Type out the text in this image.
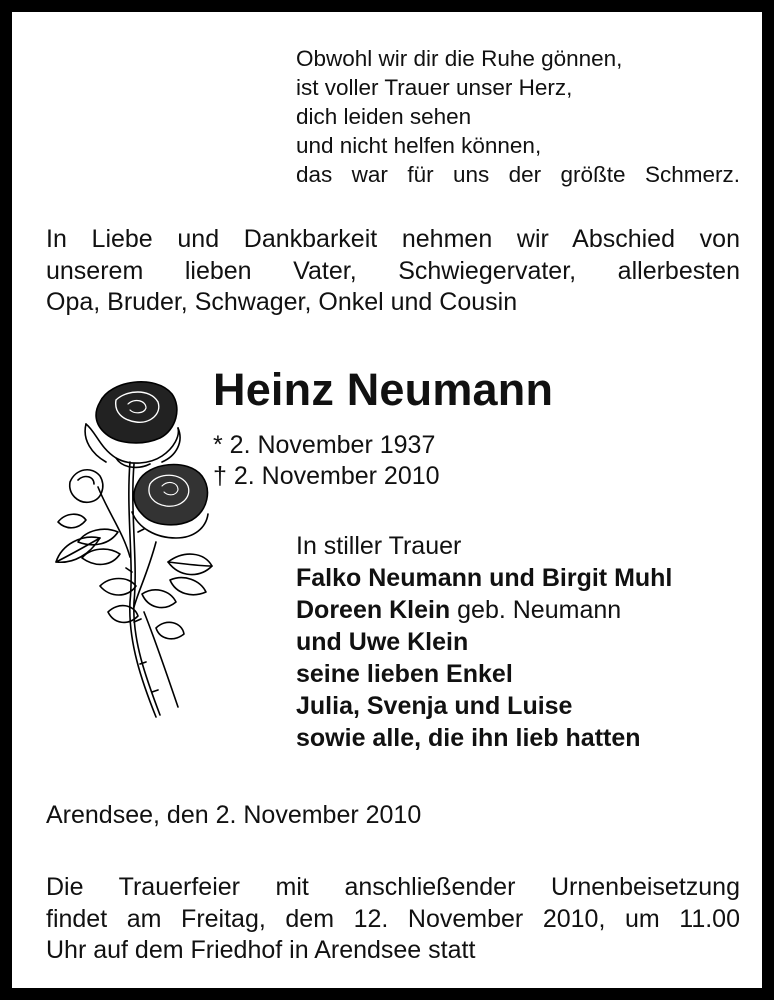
Obwohl wir dir die Ruhe gönnen,
ist voller Trauer unser Herz,
dich leiden sehen
und nicht helfen können,
das war für uns der größte Schmerz.
In Liebe und Dankbarkeit nehmen wir Abschied von
unserem lieben Vater, Schwiegervater, allerbesten
Opa, Bruder, Schwager, Onkel und Cousin
Heinz Neumann
* 2. November 1937
† 2. November 2010
In stiller Trauer
Falko Neumann und Birgit Muhl
Doreen Klein geb. Neumann
und Uwe Klein
seine lieben Enkel
Julia, Svenja und Luise
sowie alle, die ihn lieb hatten
Arendsee, den 2. November 2010
Die Trauerfeier mit anschließender Urnenbeisetzung
findet am Freitag, dem 12. November 2010, um 11.00
Uhr auf dem Friedhof in Arendsee statt
